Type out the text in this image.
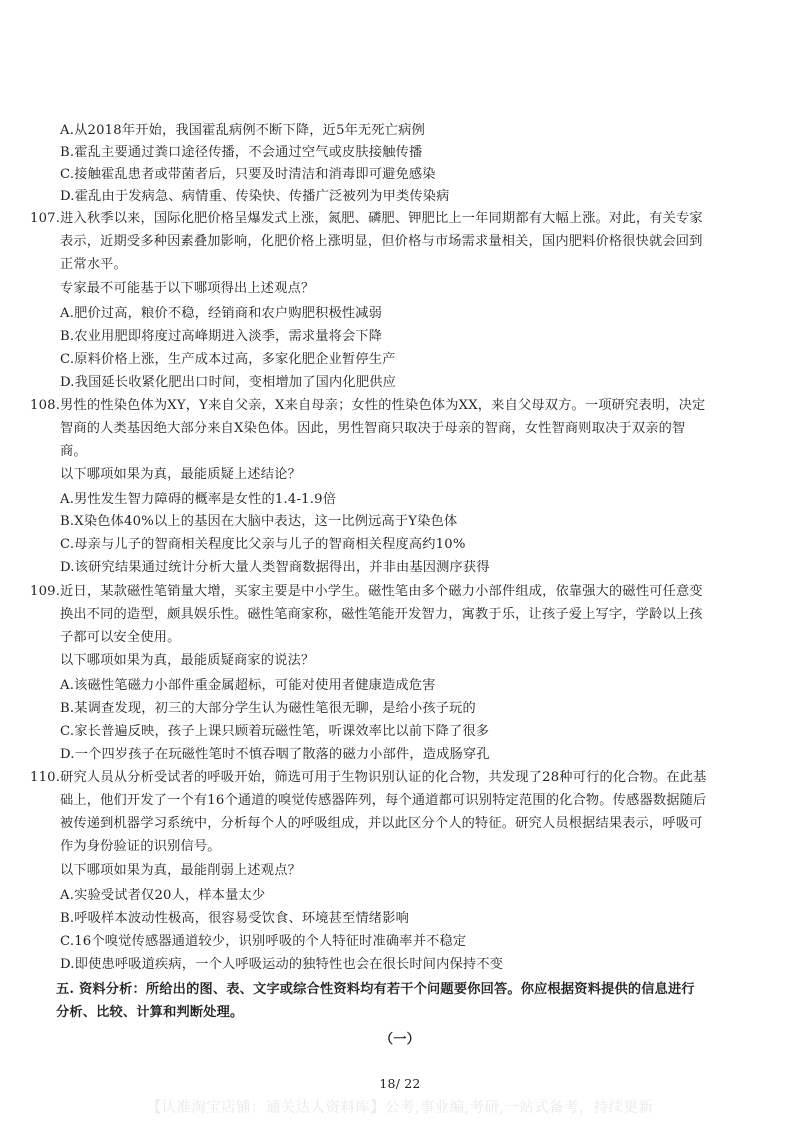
A.从2018年开始，我国霍乱病例不断下降，近5年无死亡病例
B.霍乱主要通过粪口途径传播，不会通过空气或皮肤接触传播
C.接触霍乱患者或带菌者后，只要及时清洁和消毒即可避免感染
D.霍乱由于发病急、病情重、传染快、传播广泛被列为甲类传染病
107.进入秋季以来，国际化肥价格呈爆发式上涨，氮肥、磷肥、钾肥比上一年同期都有大幅上涨。对此，有关专家
表示，近期受多种因素叠加影响，化肥价格上涨明显，但价格与市场需求量相关，国内肥料价格很快就会回到
正常水平。
专家最不可能基于以下哪项得出上述观点？
A.肥价过高，粮价不稳，经销商和农户购肥积极性减弱
B.农业用肥即将度过高峰期进入淡季，需求量将会下降
C.原料价格上涨，生产成本过高，多家化肥企业暂停生产
D.我国延长收紧化肥出口时间，变相增加了国内化肥供应
108.男性的性染色体为XY，Y来自父亲，X来自母亲；女性的性染色体为XX，来自父母双方。一项研究表明，决定
智商的人类基因绝大部分来自X染色体。因此，男性智商只取决于母亲的智商，女性智商则取决于双亲的智
商。
以下哪项如果为真，最能质疑上述结论？
A.男性发生智力障碍的概率是女性的1.4-1.9倍
B.X染色体40%以上的基因在大脑中表达，这一比例远高于Y染色体
C.母亲与儿子的智商相关程度比父亲与儿子的智商相关程度高约10%
D.该研究结果通过统计分析大量人类智商数据得出，并非由基因测序获得
109.近日，某款磁性笔销量大增，买家主要是中小学生。磁性笔由多个磁力小部件组成，依靠强大的磁性可任意变
换出不同的造型，颇具娱乐性。磁性笔商家称，磁性笔能开发智力，寓教于乐，让孩子爱上写字，学龄以上孩
子都可以安全使用。
以下哪项如果为真，最能质疑商家的说法？
A.该磁性笔磁力小部件重金属超标，可能对使用者健康造成危害
B.某调查发现，初三的大部分学生认为磁性笔很无聊，是给小孩子玩的
C.家长普遍反映，孩子上课只顾着玩磁性笔，听课效率比以前下降了很多
D.一个四岁孩子在玩磁性笔时不慎吞咽了散落的磁力小部件，造成肠穿孔
110.研究人员从分析受试者的呼吸开始，筛选可用于生物识别认证的化合物，共发现了28种可行的化合物。在此基
础上，他们开发了一个有16个通道的嗅觉传感器阵列，每个通道都可识别特定范围的化合物。传感器数据随后
被传递到机器学习系统中，分析每个人的呼吸组成，并以此区分个人的特征。研究人员根据结果表示，呼吸可
作为身份验证的识别信号。
以下哪项如果为真，最能削弱上述观点？
A.实验受试者仅20人，样本量太少
B.呼吸样本波动性极高，很容易受饮食、环境甚至情绪影响
C.16个嗅觉传感器通道较少，识别呼吸的个人特征时准确率并不稳定
D.即使患呼吸道疾病，一个人呼吸运动的独特性也会在很长时间内保持不变
五. 资料分析：所给出的图、表、文字或综合性资料均有若干个问题要你回答。你应根据资料提供的信息进行
分析、比较、计算和判断处理。
（一）
18/ 22
【认准淘宝店铺：通关达人资料库】公考,事业编,考研,一站式备考，持续更新
